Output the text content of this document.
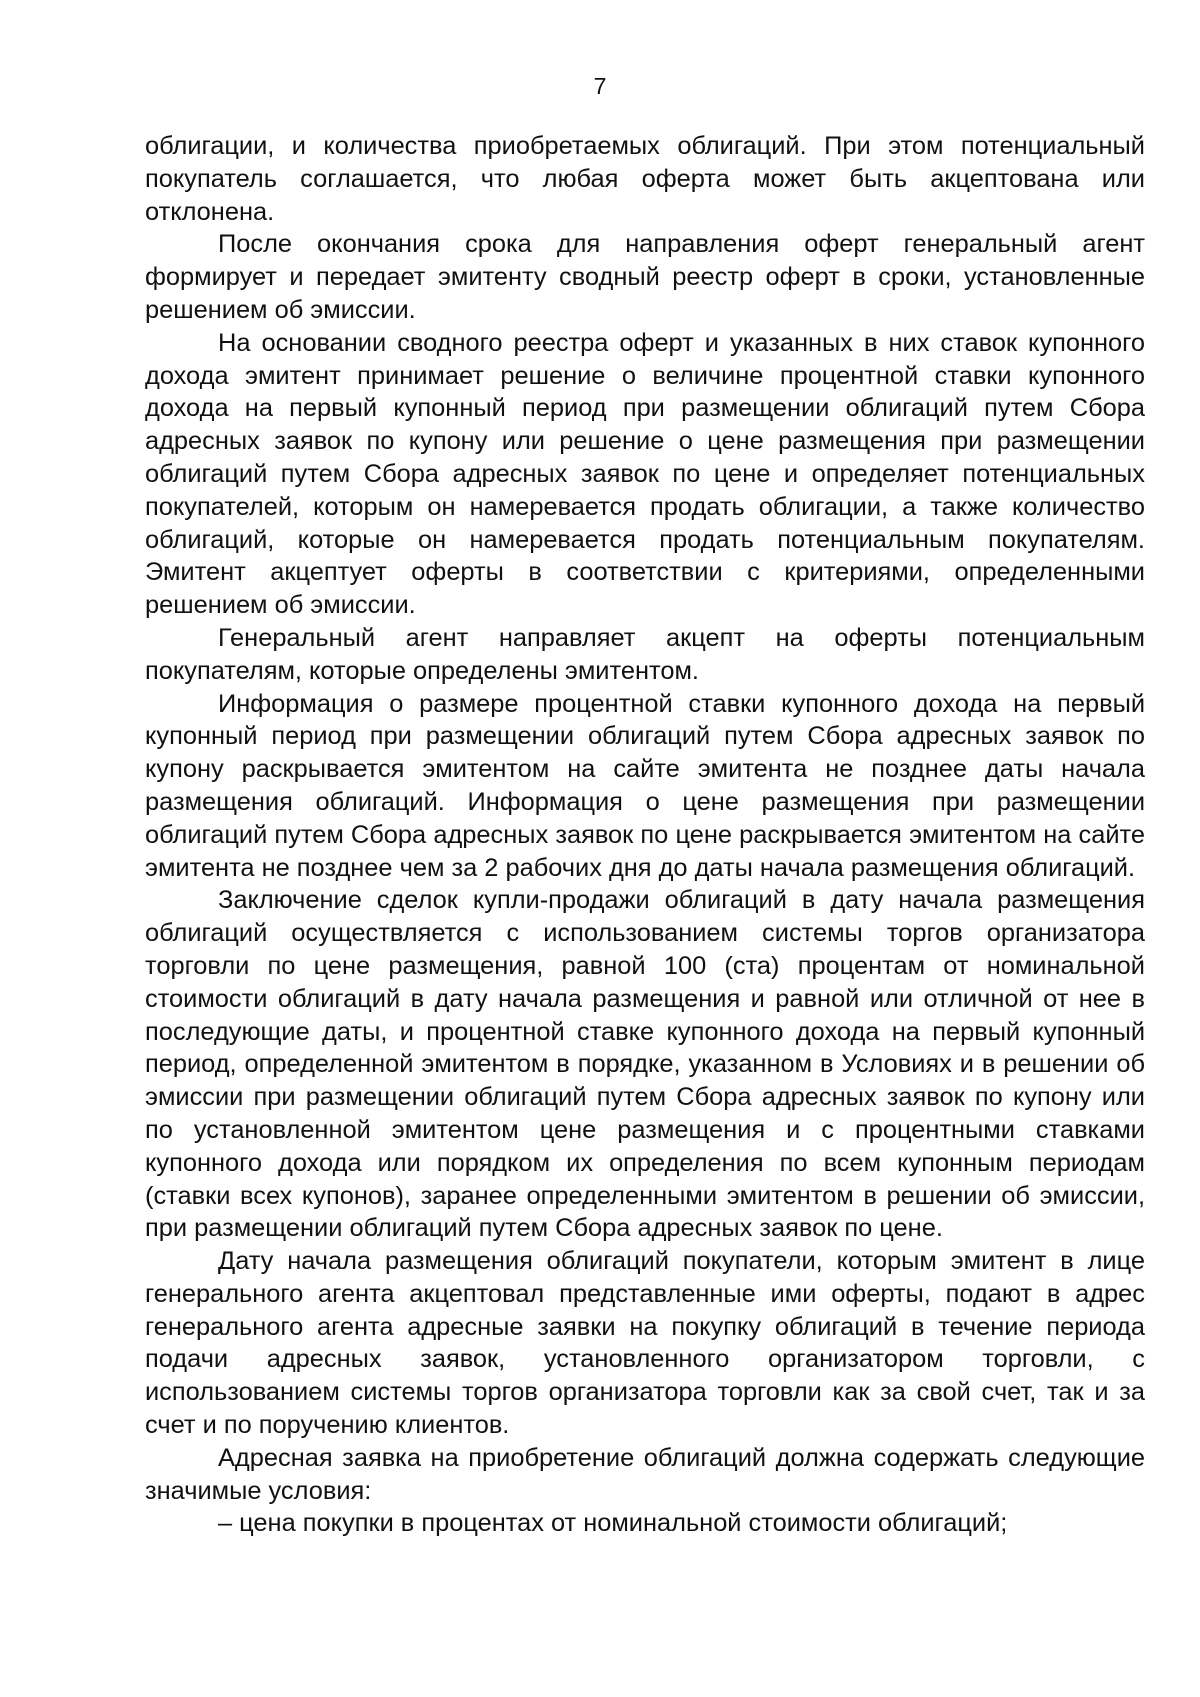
7

облигации, и количества приобретаемых облигаций. При этом потенциальный покупатель соглашается, что любая оферта может быть акцептована или отклонена.

После окончания срока для направления оферт генеральный агент формирует и передает эмитенту сводный реестр оферт в сроки, установленные решением об эмиссии.

На основании сводного реестра оферт и указанных в них ставок купонного дохода эмитент принимает решение о величине процентной ставки купонного дохода на первый купонный период при размещении облигаций путем Сбора адресных заявок по купону или решение о цене размещения при размещении облигаций путем Сбора адресных заявок по цене и определяет потенциальных покупателей, которым он намеревается продать облигации, а также количество облигаций, которые он намеревается продать потенциальным покупателям. Эмитент акцептует оферты в соответствии с критериями, определенными решением об эмиссии.

Генеральный агент направляет акцепт на оферты потенциальным покупателям, которые определены эмитентом.

Информация о размере процентной ставки купонного дохода на первый купонный период при размещении облигаций путем Сбора адресных заявок по купону раскрывается эмитентом на сайте эмитента не позднее даты начала размещения облигаций. Информация о цене размещения при размещении облигаций путем Сбора адресных заявок по цене раскрывается эмитентом на сайте эмитента не позднее чем за 2 рабочих дня до даты начала размещения облигаций.

Заключение сделок купли-продажи облигаций в дату начала размещения облигаций осуществляется с использованием системы торгов организатора торговли по цене размещения, равной 100 (ста) процентам от номинальной стоимости облигаций в дату начала размещения и равной или отличной от нее в последующие даты, и процентной ставке купонного дохода на первый купонный период, определенной эмитентом в порядке, указанном в Условиях и в решении об эмиссии при размещении облигаций путем Сбора адресных заявок по купону или по установленной эмитентом цене размещения и с процентными ставками купонного дохода или порядком их определения по всем купонным периодам (ставки всех купонов), заранее определенными эмитентом в решении об эмиссии, при размещении облигаций путем Сбора адресных заявок по цене.

Дату начала размещения облигаций покупатели, которым эмитент в лице генерального агента акцептовал представленные ими оферты, подают в адрес генерального агента адресные заявки на покупку облигаций в течение периода подачи адресных заявок, установленного организатором торговли, с использованием системы торгов организатора торговли как за свой счет, так и за счет и по поручению клиентов.

Адресная заявка на приобретение облигаций должна содержать следующие значимые условия:

– цена покупки в процентах от номинальной стоимости облигаций;
